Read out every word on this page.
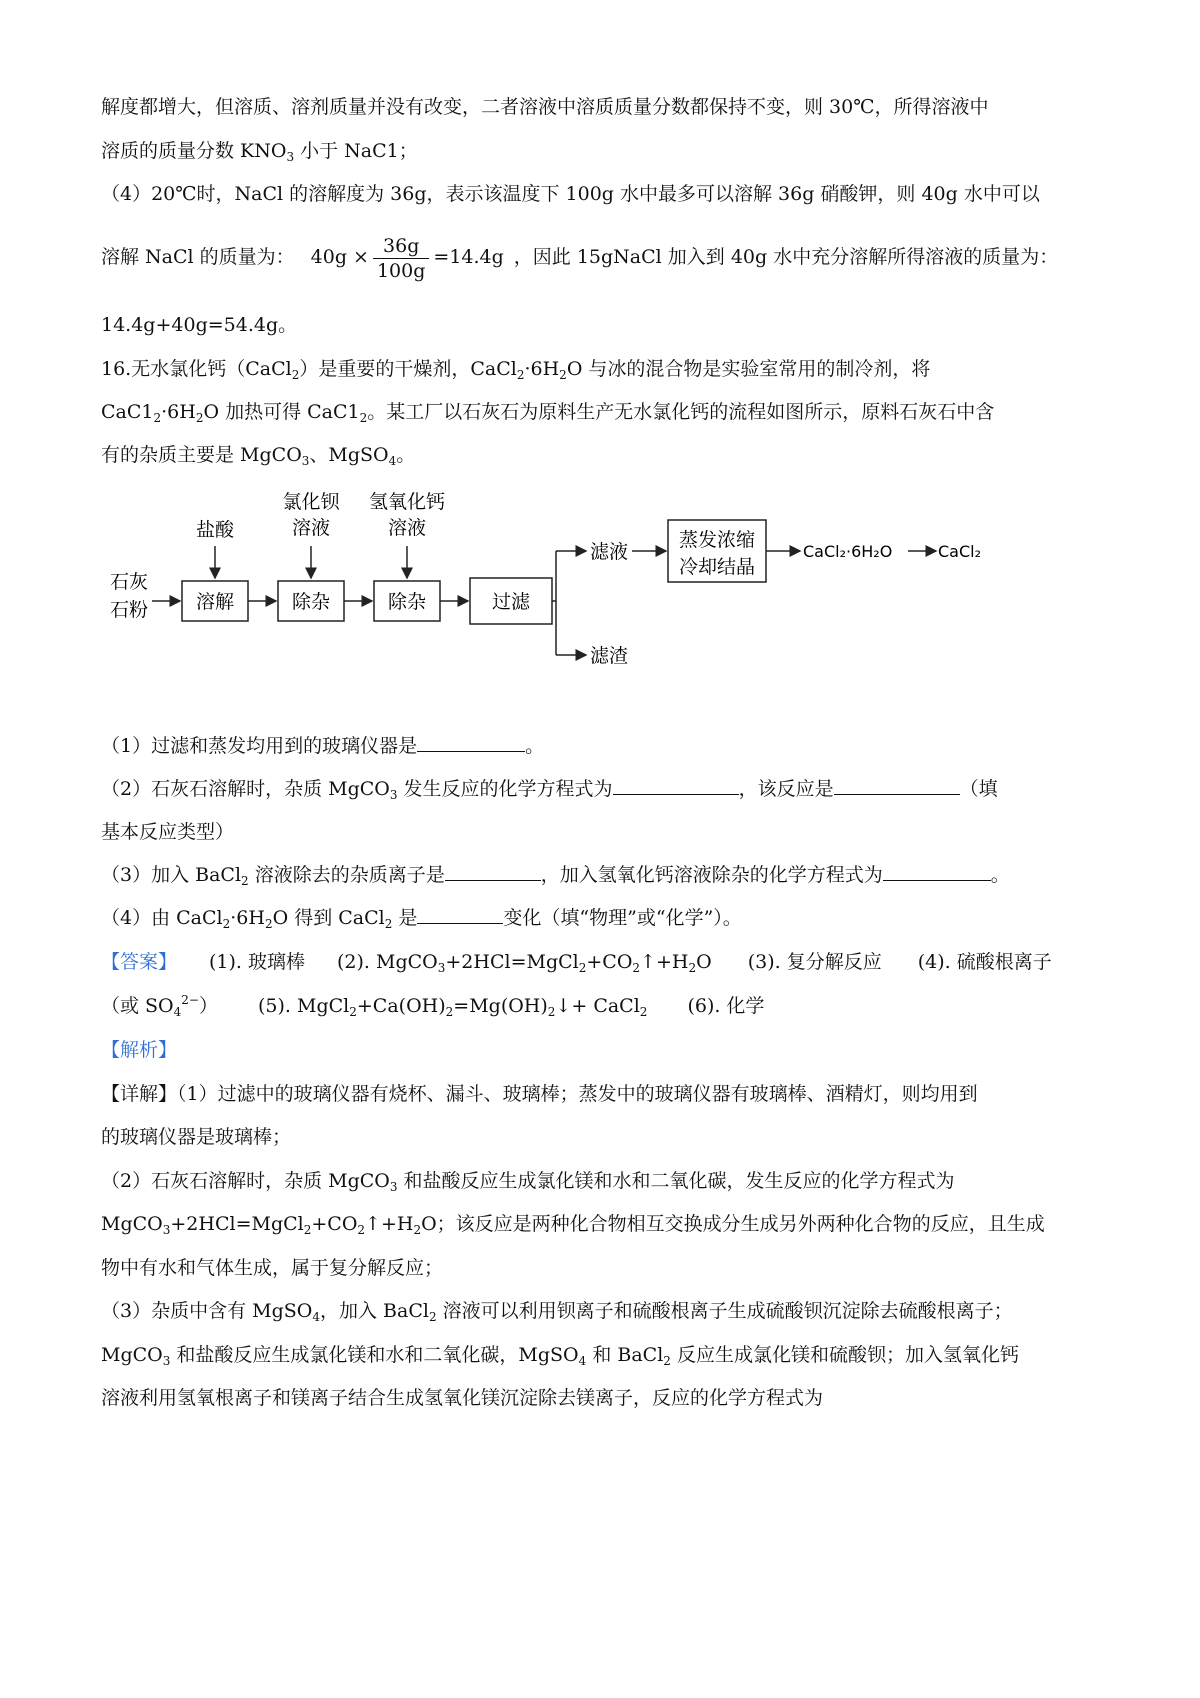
解度都增大，但溶质、溶剂质量并没有改变，二者溶液中溶质质量分数都保持不变，则 30℃，所得溶液中
溶质的质量分数 $KNO_3$ 小于 NaC1；
（4）20℃时，NaCl 的溶解度为 36g，表示该温度下 100g 水中最多可以溶解 36g 硝酸钾，则 40g 水中可以
溶解 NaCl 的质量为： $40g \times \frac{36g}{100g} =14.4g$ ，因此 15gNaCl 加入到 40g 水中充分溶解所得溶液的质量为：
14.4g+40g=54.4g。
16.无水氯化钙（CaCl$_2$）是重要的干燥剂，$CaCl_2\cdot 6H_2O$ 与冰的混合物是实验室常用的制冷剂，将
$CaC1_2\cdot 6H_2O$ 加热可得 $CaC1_2$。某工厂以石灰石为原料生产无水氯化钙的流程如图所示，原料石灰石中含
有的杂质主要是 MgCO$_3$、MgSO$_4$。
石灰
石粉	溶解
盐酸
除杂
氯化钡
溶液
除杂
氢氧化钙
溶液
过滤
滤液
滤渣
蒸发浓缩
冷却结晶
CaCl₂·6H₂O	CaCl₂
（1）过滤和蒸发均用到的玻璃仪器是	。
（2）石灰石溶解时，杂质 MgCO$_3$ 发生反应的化学方程式为	，该反应是	（填
基本反应类型）
（3）加入 BaCl$_2$ 溶液除去的杂质离子是	，加入氢氧化钙溶液除杂的化学方程式为	。
（4）由 $CaCl_2\cdot 6H_2O$ 得到 CaCl$_2$ 是	变化（填“物理”或“化学”）。
【答案】 (1). 玻璃棒 (2). $MgCO_3+2HCl=MgCl_2+CO_2↑+H_2O$ (3). 复分解反应 (4). 硫酸根离子
（或 $SO_4^{2-}$） (5). $MgCl_2+Ca(OH)_2=Mg(OH)_2↓+$ CaCl$_2$ (6). 化学
【解析】
【详解】（1）过滤中的玻璃仪器有烧杯、漏斗、玻璃棒；蒸发中的玻璃仪器有玻璃棒、酒精灯，则均用到
的玻璃仪器是玻璃棒；
（2）石灰石溶解时，杂质 MgCO$_3$ 和盐酸反应生成氯化镁和水和二氧化碳，发生反应的化学方程式为
$MgCO_3+2HCl=MgCl_2+CO_2↑+H_2O$；该反应是两种化合物相互交换成分生成另外两种化合物的反应，且生成
物中有水和气体生成，属于复分解反应；
（3）杂质中含有 MgSO$_4$，加入 BaCl$_2$ 溶液可以利用钡离子和硫酸根离子生成硫酸钡沉淀除去硫酸根离子；
MgCO$_3$ 和盐酸反应生成氯化镁和水和二氧化碳，MgSO$_4$ 和 BaCl$_2$ 反应生成氯化镁和硫酸钡；加入氢氧化钙
溶液利用氢氧根离子和镁离子结合生成氢氧化镁沉淀除去镁离子，反应的化学方程式为
